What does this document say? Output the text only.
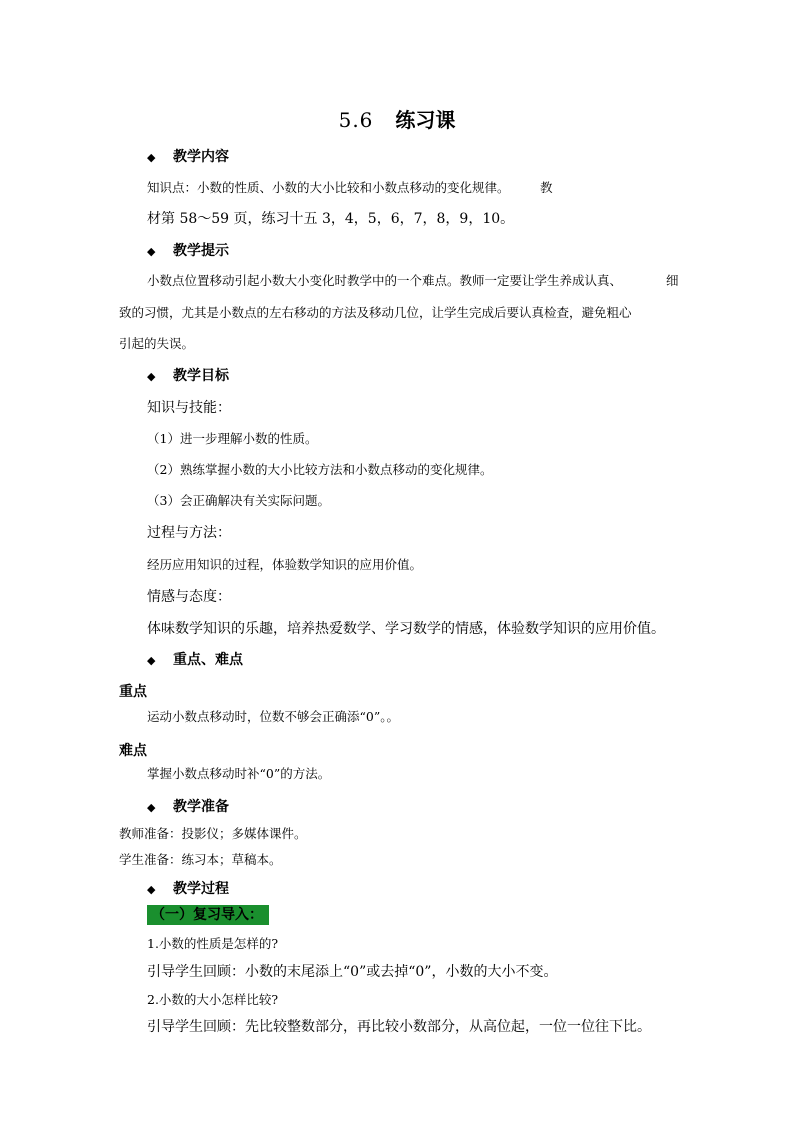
5.6 练习课
◆ 教学内容
知识点：小数的性质、小数的大小比较和小数点移动的变化规律。 教
材第 58～59 页，练习十五 3，4，5，6，7，8，9，10。
◆ 教学提示
小数点位置移动引起小数大小变化时教学中的一个难点。教师一定要让学生养成认真、	细
致的习惯，尤其是小数点的左右移动的方法及移动几位，让学生完成后要认真检查，避免粗心
引起的失误。
◆ 教学目标
知识与技能：
（1）进一步理解小数的性质。
（2）熟练掌握小数的大小比较方法和小数点移动的变化规律。
（3）会正确解决有关实际问题。
过程与方法：
经历应用知识的过程，体验数学知识的应用价值。
情感与态度：
体味数学知识的乐趣，培养热爱数学、学习数学的情感，体验数学知识的应用价值。
◆ 重点、难点
重点
运动小数点移动时，位数不够会正确添“0”。。
难点
掌握小数点移动时补“0”的方法。
◆ 教学准备
教师准备：投影仪；多媒体课件。
学生准备：练习本；草稿本。
◆ 教学过程
（一）复习导入：
1.小数的性质是怎样的?
引导学生回顾：小数的末尾添上“0”或去掉“0”，小数的大小不变。
2.小数的大小怎样比较?
引导学生回顾：先比较整数部分，再比较小数部分，从高位起，一位一位往下比。
